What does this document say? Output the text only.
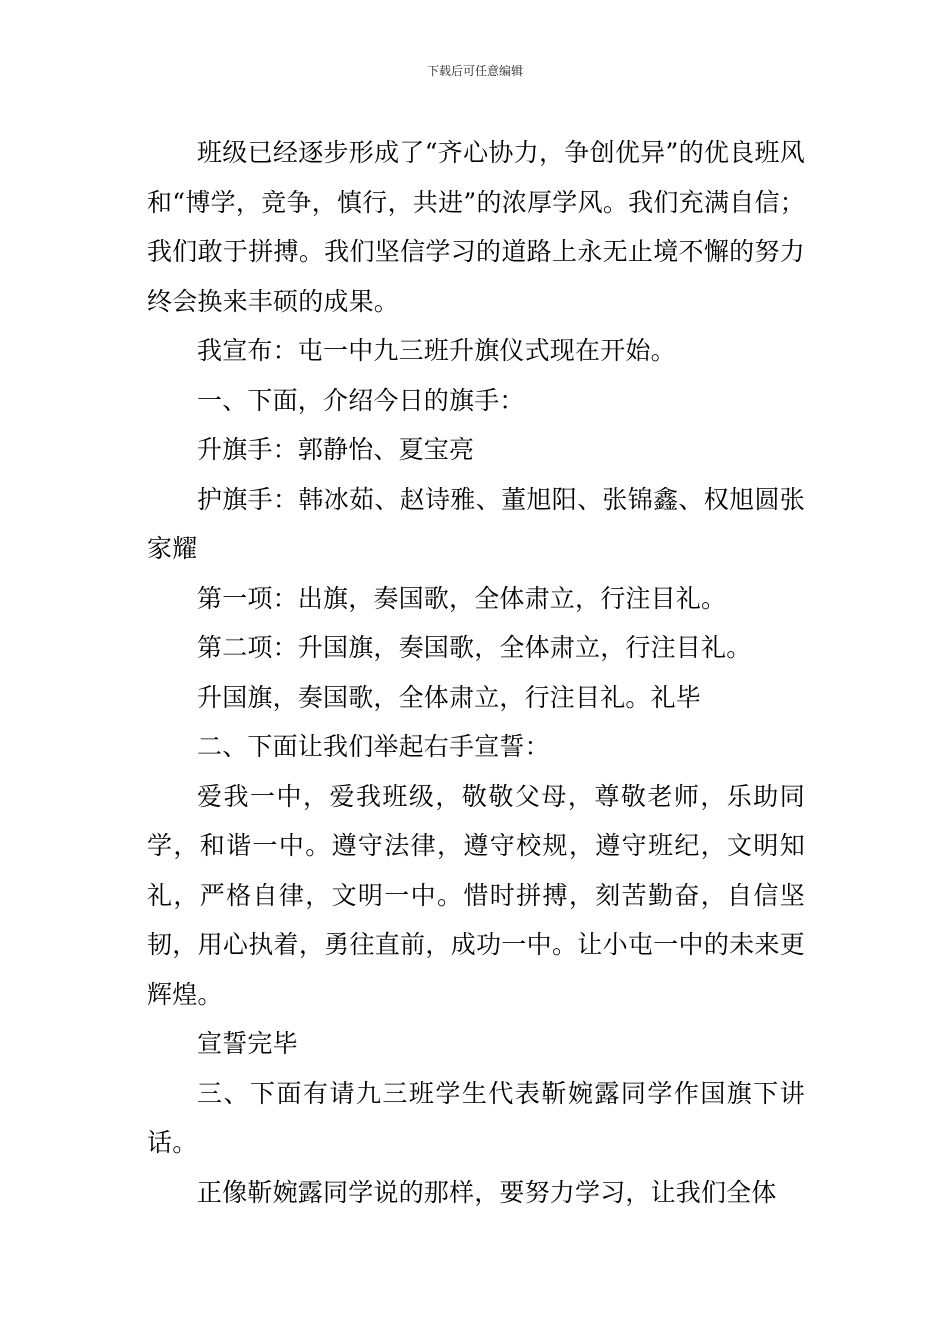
下载后可任意编辑

班级已经逐步形成了“齐心协力，争创优异”的优良班风和“博学，竞争，慎行，共进”的浓厚学风。我们充满自信；我们敢于拼搏。我们坚信学习的道路上永无止境不懈的努力终会换来丰硕的成果。

我宣布：屯一中九三班升旗仪式现在开始。

一、下面，介绍今日的旗手：

升旗手：郭静怡、夏宝亮

护旗手：韩冰茹、赵诗雅、董旭阳、张锦鑫、权旭圆张家耀

第一项：出旗，奏国歌，全体肃立，行注目礼。

第二项：升国旗，奏国歌，全体肃立，行注目礼。

升国旗，奏国歌，全体肃立，行注目礼。礼毕

二、下面让我们举起右手宣誓：

爱我一中，爱我班级，敬敬父母，尊敬老师，乐助同学，和谐一中。遵守法律，遵守校规，遵守班纪，文明知礼，严格自律，文明一中。惜时拼搏，刻苦勤奋，自信坚韧，用心执着，勇往直前，成功一中。让小屯一中的未来更辉煌。

宣誓完毕

三、下面有请九三班学生代表靳婉露同学作国旗下讲话。

正像靳婉露同学说的那样，要努力学习，让我们全体
